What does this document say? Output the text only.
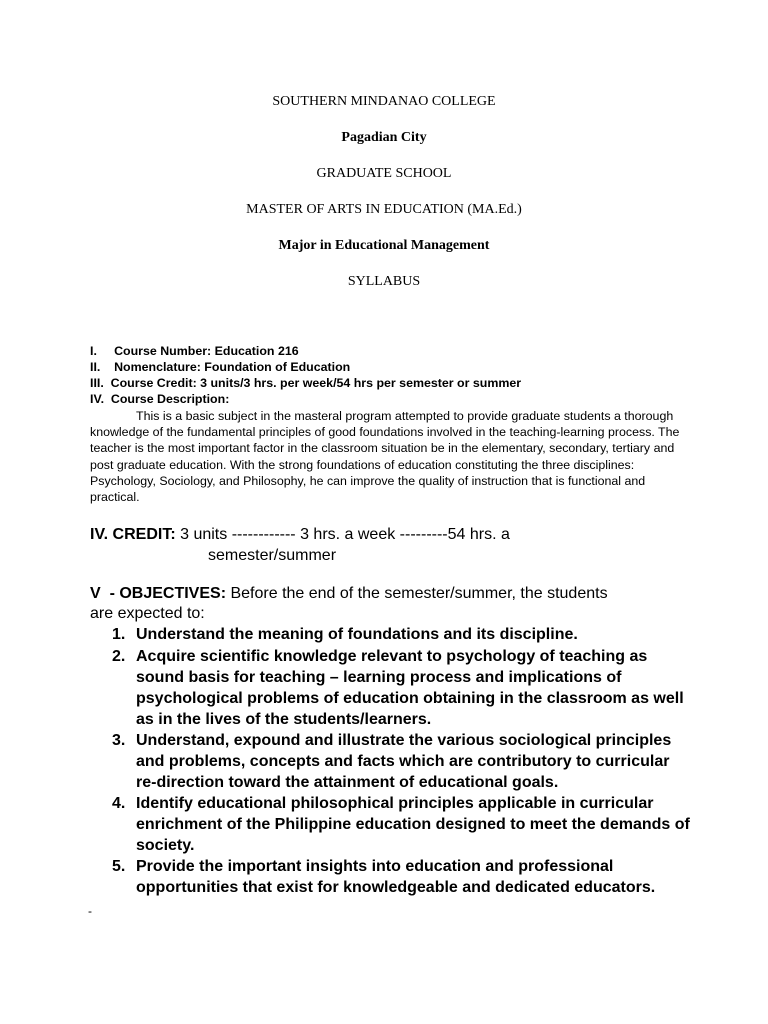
SOUTHERN MINDANAO COLLEGE
Pagadian City
GRADUATE SCHOOL
MASTER OF ARTS IN EDUCATION (MA.Ed.)
Major in Educational Management
SYLLABUS
I.     Course Number: Education 216
II.    Nomenclature: Foundation of Education
III.  Course Credit: 3 units/3 hrs. per week/54 hrs per semester or summer
IV.  Course Description:
This is a basic subject in the masteral program attempted to provide graduate students a thorough knowledge of the fundamental principles of good foundations involved in the teaching-learning process. The teacher is the most important factor in the classroom situation be in the elementary, secondary, tertiary and post graduate education. With the strong foundations of education constituting the three disciplines: Psychology, Sociology, and Philosophy, he can improve the quality of instruction that is functional and practical.
IV. CREDIT: 3 units ------------ 3 hrs. a week ---------54 hrs. a
semester/summer
V  - OBJECTIVES: Before the end of the semester/summer, the students
are expected to:
1. Understand the meaning of foundations and its discipline.
2. Acquire scientific knowledge relevant to psychology of teaching as sound basis for teaching – learning process and implications of psychological problems of education obtaining in the classroom as well as in the lives of the students/learners.
3. Understand, expound and illustrate the various sociological principles and problems, concepts and facts which are contributory to curricular re-direction toward the attainment of educational goals.
4. Identify educational philosophical principles applicable in curricular enrichment of the Philippine education designed to meet the demands of society.
5. Provide the important insights into education and professional opportunities that exist for knowledgeable and dedicated educators.
-
